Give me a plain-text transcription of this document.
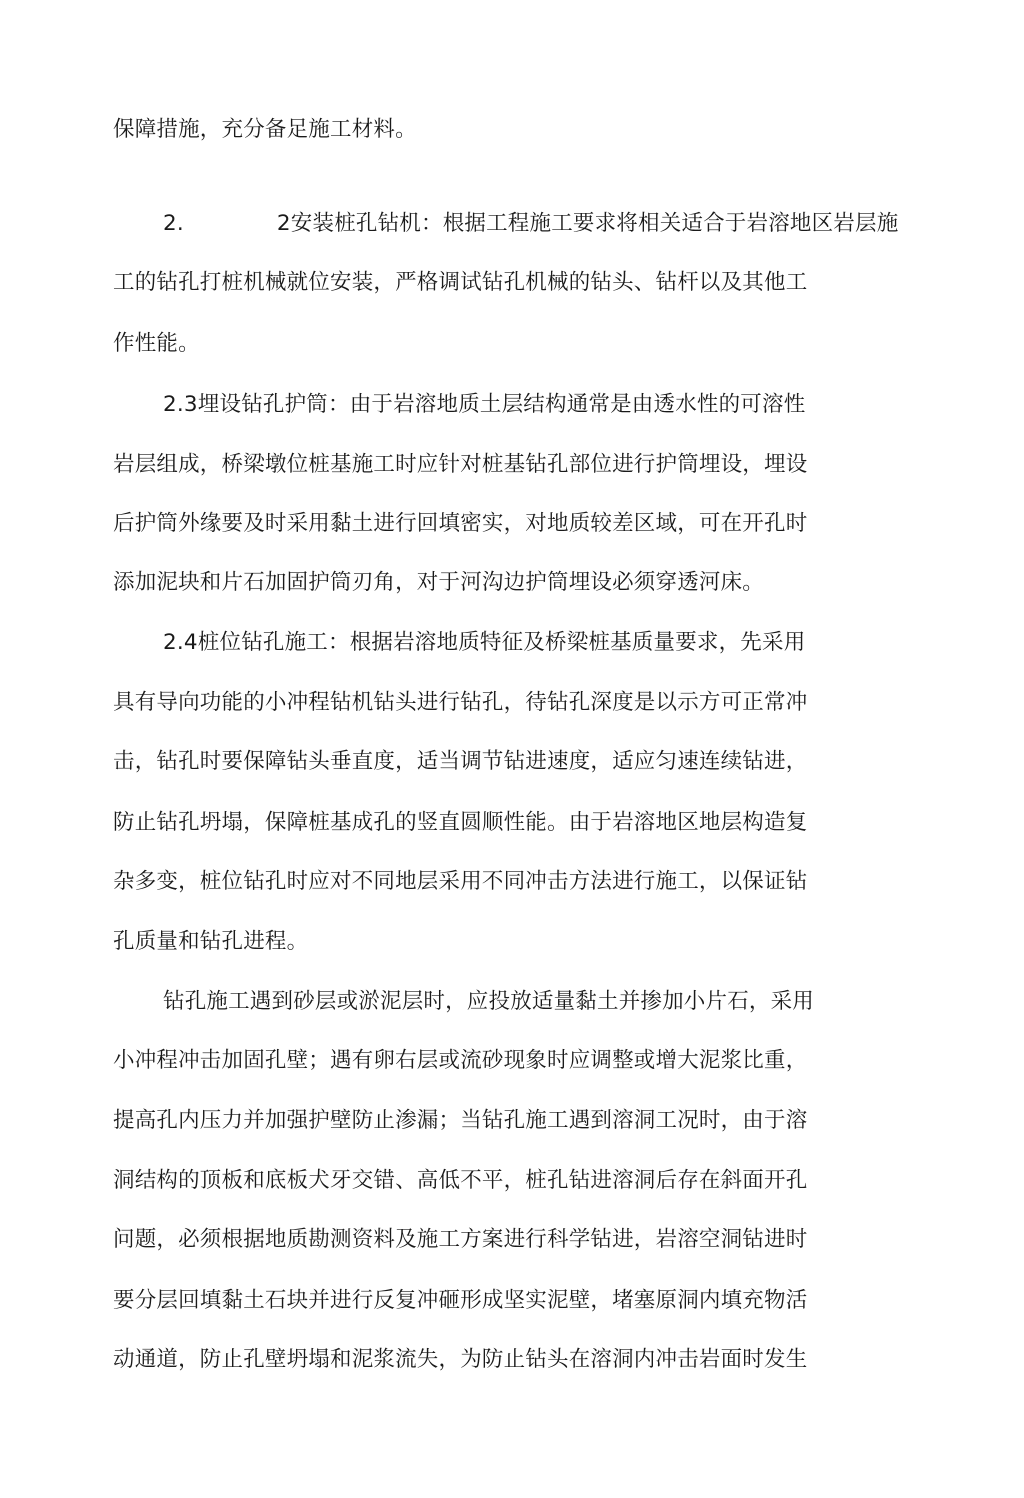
保障措施，充分备足施工材料。
2.	2安装桩孔钻机：根据工程施工要求将相关适合于岩溶地区岩层施
工的钻孔打桩机械就位安装，严格调试钻孔机械的钻头、钻杆以及其他工
作性能。
2.3埋设钻孔护筒：由于岩溶地质土层结构通常是由透水性的可溶性
岩层组成，桥梁墩位桩基施工时应针对桩基钻孔部位进行护筒埋设，埋设
后护筒外缘要及时采用黏土进行回填密实，对地质较差区域，可在开孔时
添加泥块和片石加固护筒刃角，对于河沟边护筒埋设必须穿透河床。
2.4桩位钻孔施工：根据岩溶地质特征及桥梁桩基质量要求，先采用
具有导向功能的小冲程钻机钻头进行钻孔，待钻孔深度是以示方可正常冲
击，钻孔时要保障钻头垂直度，适当调节钻进速度，适应匀速连续钻进，
防止钻孔坍塌，保障桩基成孔的竖直圆顺性能。由于岩溶地区地层构造复
杂多变，桩位钻孔时应对不同地层采用不同冲击方法进行施工，以保证钻
孔质量和钻孔进程。
钻孔施工遇到砂层或淤泥层时，应投放适量黏土并掺加小片石，采用
小冲程冲击加固孔壁；遇有卵右层或流砂现象时应调整或增大泥浆比重，
提高孔内压力并加强护壁防止渗漏；当钻孔施工遇到溶洞工况时，由于溶
洞结构的顶板和底板犬牙交错、高低不平，桩孔钻进溶洞后存在斜面开孔
问题，必须根据地质勘测资料及施工方案进行科学钻进，岩溶空洞钻进时
要分层回填黏土石块并进行反复冲砸形成坚实泥壁，堵塞原洞内填充物活
动通道，防止孔壁坍塌和泥浆流失，为防止钻头在溶洞内冲击岩面时发生
